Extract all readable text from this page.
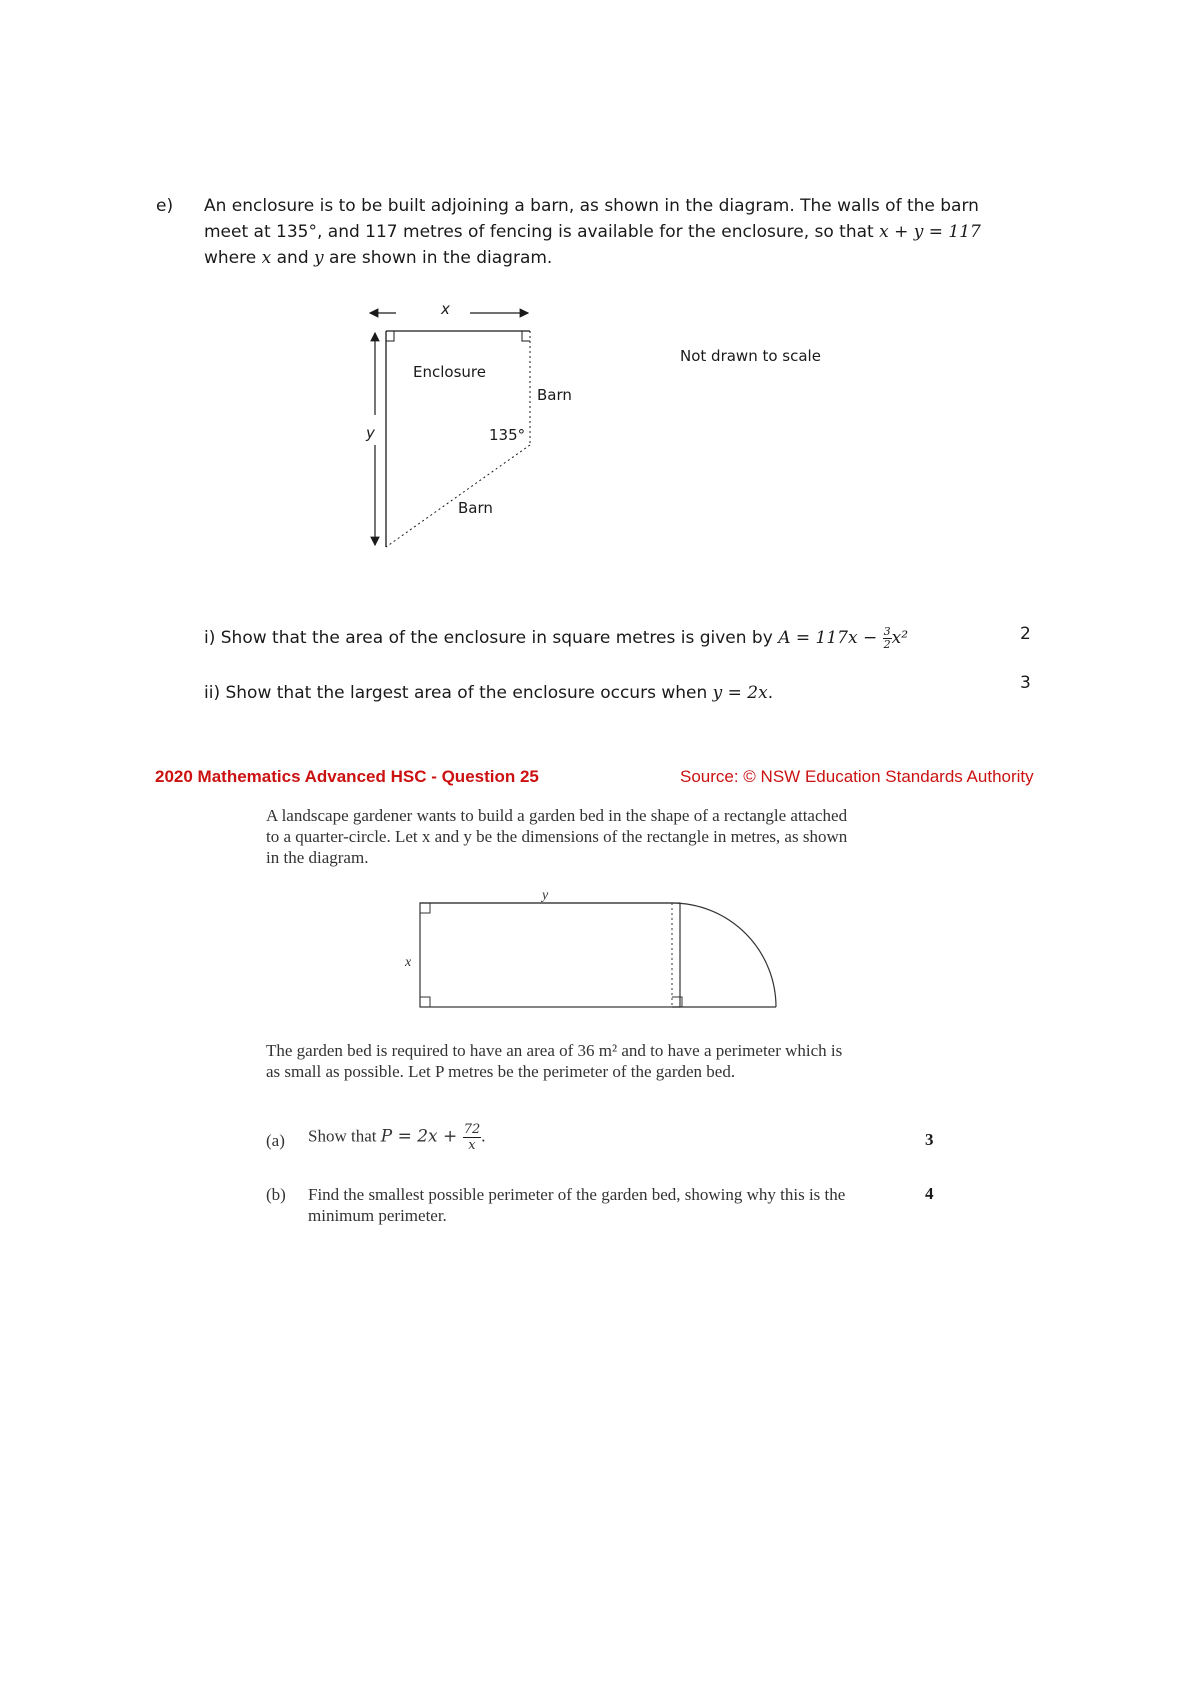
e) An enclosure is to be built adjoining a barn, as shown in the diagram. The walls of the barn
meet at 135°, and 117 metres of fencing is available for the enclosure, so that x + y = 117
where x and y are shown in the diagram.
x
y
Enclosure
Barn
Barn
135°
Not drawn to scale
i) Show that the area of the enclosure in square metres is given by $A = 117x - \frac{3}{2} x^2$	2
ii) Show that the largest area of the enclosure occurs when y = 2x.	3
2020 Mathematics Advanced HSC - Question 25	Source: © NSW Education Standards Authority
A landscape gardener wants to build a garden bed in the shape of a rectangle attached
to a quarter-circle. Let x and y be the dimensions of the rectangle in metres, as shown
in the diagram.
y
x
The garden bed is required to have an area of 36 m² and to have a perimeter which is
as small as possible. Let P metres be the perimeter of the garden bed.
(a) Show that $P = 2x + \frac{72}{x}$ .	3
(b) Find the smallest possible perimeter of the garden bed, showing why this is the
minimum perimeter.
4
